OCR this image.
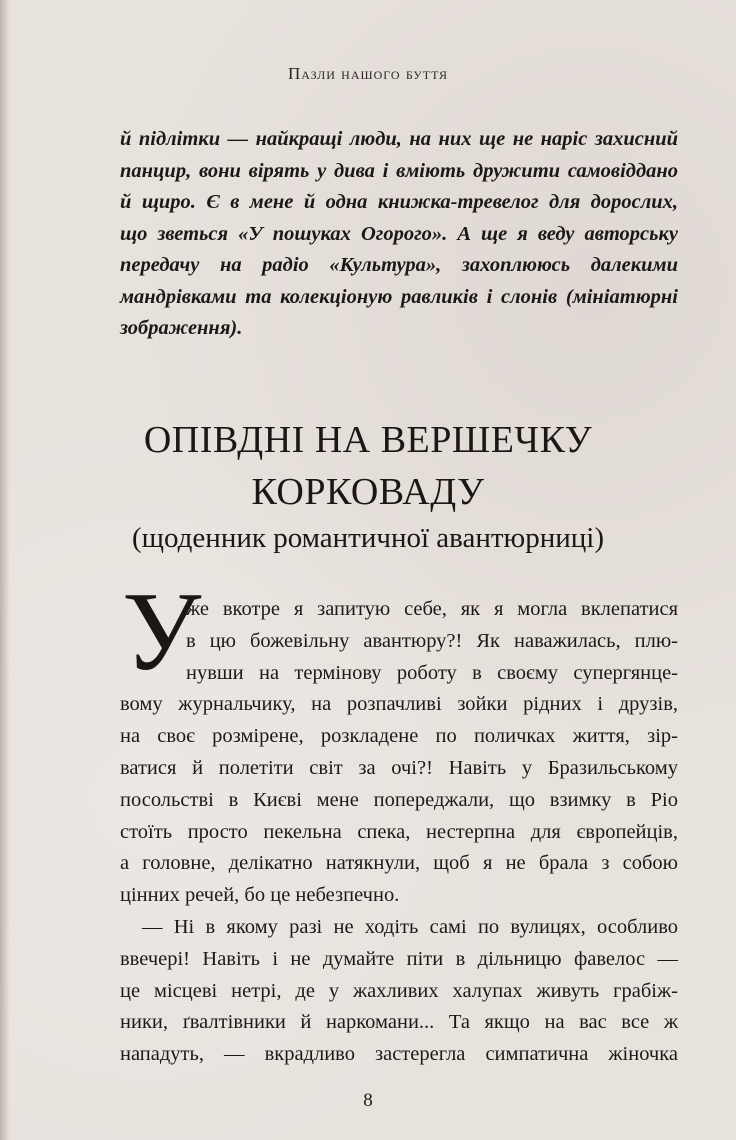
Пазли нашого буття
й підлітки — найкращі люди, на них ще не наріс захисний
панцир, вони вірять у дива і вміють дружити самовіддано
й щиро. Є в мене й одна книжка-тревелог для дорослих,
що зветься «У пошуках Огорого». А ще я веду авторську
передачу на радіо «Культура», захоплююсь далекими
мандрівками та колекціоную равликів і слонів (мініатюрні
зображення).
ОПІВДНІ НА ВЕРШЕЧКУ
КОРКОВАДУ
(щоденник романтичної авантюрниці)
У
же вкотре я запитую себе, як я могла вклепатися
в цю божевільну авантюру?! Як наважилась, плю-
нувши на термінову роботу в своєму супергянце-
вому журнальчику, на розпачливі зойки рідних і друзів,
на своє розмірене, розкладене по поличках життя, зір-
ватися й полетіти світ за очі?! Навіть у Бразильському
посольстві в Києві мене попереджали, що взимку в Ріо
стоїть просто пекельна спека, нестерпна для європейців,
а головне, делікатно натякнули, щоб я не брала з собою
цінних речей, бо це небезпечно.
— Ні в якому разі не ходіть самі по вулицях, особливо
ввечері! Навіть і не думайте піти в дільницю фавелос —
це місцеві нетрі, де у жахливих халупах живуть грабіж-
ники, ґвалтівники й наркомани... Та якщо на вас все ж
нападуть, — вкрадливо застерегла симпатична жіночка
8
